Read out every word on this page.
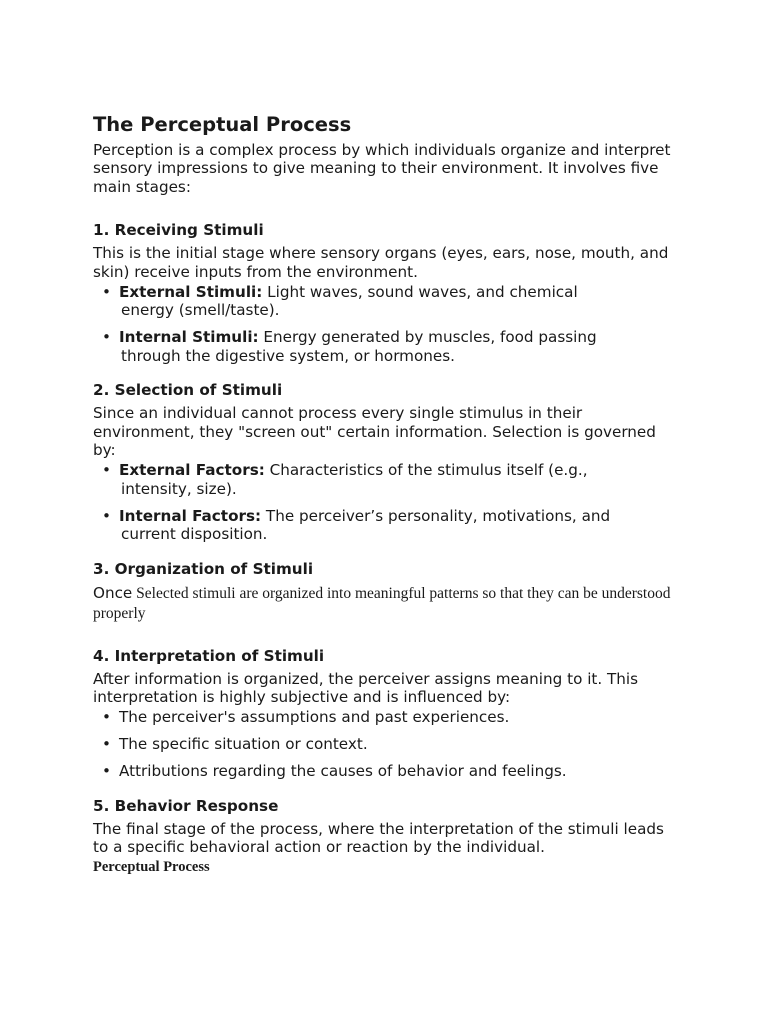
The Perceptual Process

Perception is a complex process by which individuals organize and interpret sensory impressions to give meaning to their environment. It involves five main stages:

1. Receiving Stimuli

This is the initial stage where sensory organs (eyes, ears, nose, mouth, and skin) receive inputs from the environment.

• External Stimuli: Light waves, sound waves, and chemical
energy (smell/taste).
• Internal Stimuli: Energy generated by muscles, food passing
through the digestive system, or hormones.
2. Selection of Stimuli

Since an individual cannot process every single stimulus in their environment, they "screen out" certain information. Selection is governed by:

• External Factors: Characteristics of the stimulus itself (e.g.,
intensity, size).
• Internal Factors: The perceiver’s personality, motivations, and
current disposition.
3. Organization of Stimuli

Once Selected stimuli are organized into meaningful patterns so that they can be understood properly

4. Interpretation of Stimuli

After information is organized, the perceiver assigns meaning to it. This interpretation is highly subjective and is influenced by:

• The perceiver's assumptions and past experiences.
• The specific situation or context.
• Attributions regarding the causes of behavior and feelings.
5. Behavior Response

The final stage of the process, where the interpretation of the stimuli leads to a specific behavioral action or reaction by the individual.

Perceptual Process
